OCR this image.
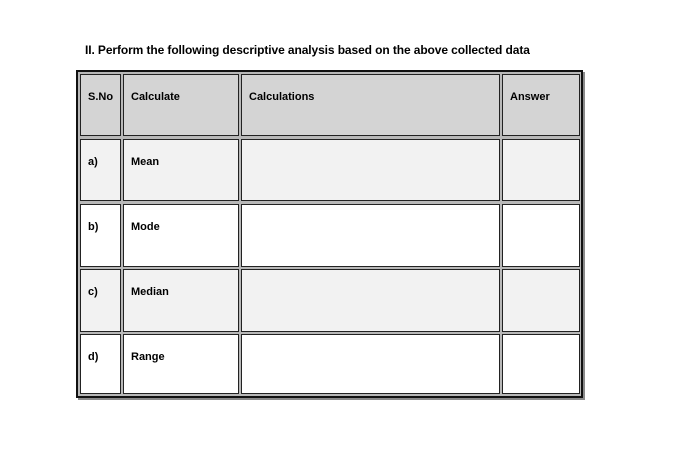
II. Perform the following descriptive analysis based on the above collected data
S.No	Calculate	Calculations	Answer
a)	Mean
b)	Mode
c)	Median
d)	Range
